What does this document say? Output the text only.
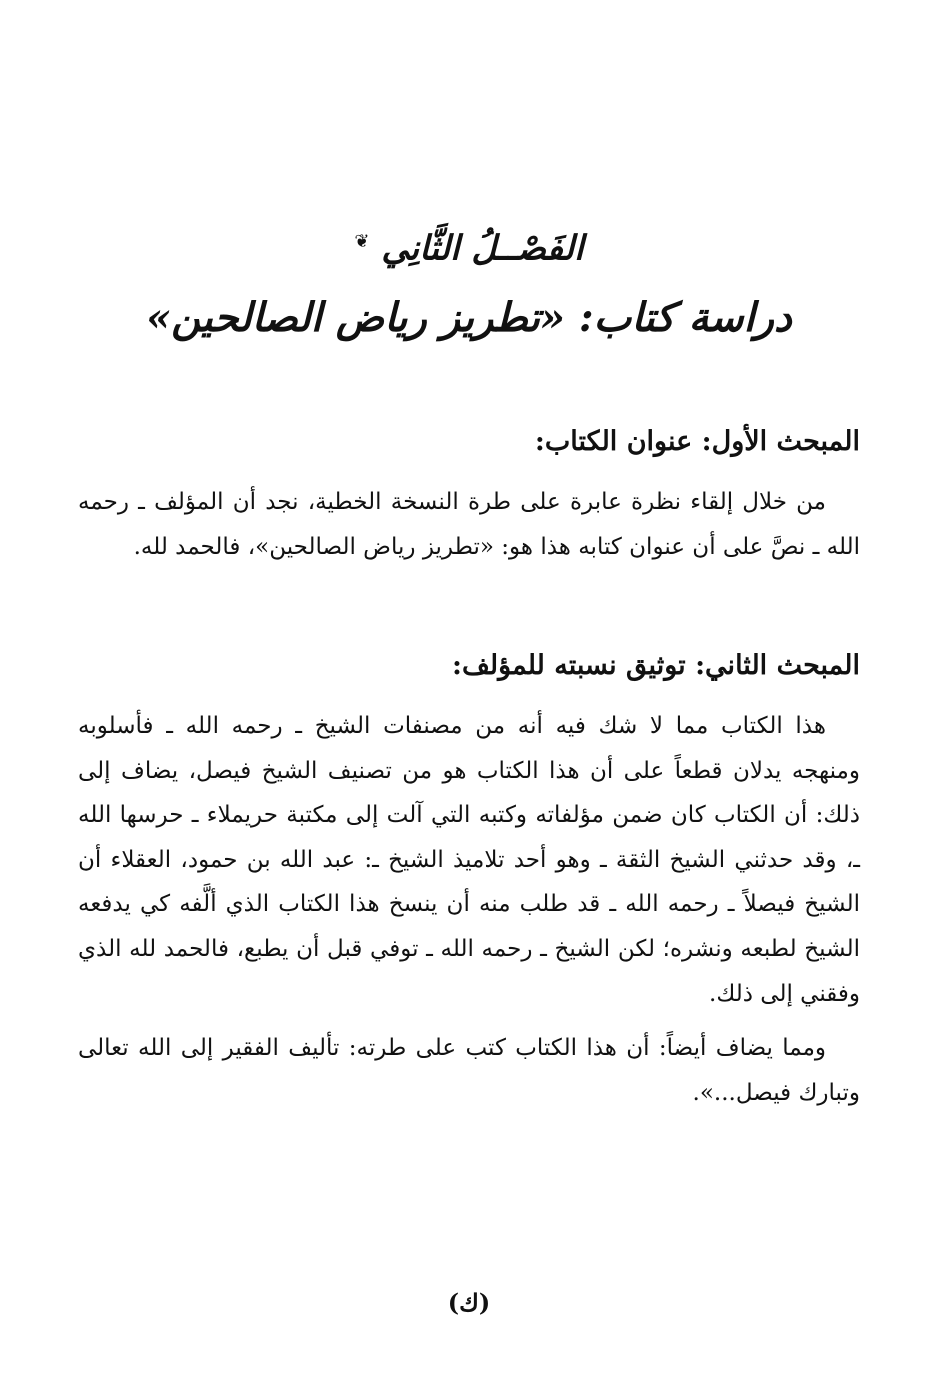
الفَصْــلُ الثَّانِي ❦
دراسة كتاب: «تطريز رياض الصالحين»
المبحث الأول: عنوان الكتاب:

من خلال إلقاء نظرة عابرة على طرة النسخة الخطية، نجد أن المؤلف ـ رحمه الله ـ نصَّ على أن عنوان كتابه هذا هو: «تطريز رياض الصالحين»، فالحمد لله.

المبحث الثاني: توثيق نسبته للمؤلف:

هذا الكتاب مما لا شك فيه أنه من مصنفات الشيخ ـ رحمه الله ـ فأسلوبه ومنهجه يدلان قطعاً على أن هذا الكتاب هو من تصنيف الشيخ فيصل، يضاف إلى ذلك: أن الكتاب كان ضمن مؤلفاته وكتبه التي آلت إلى مكتبة حريملاء ـ حرسها الله ـ، وقد حدثني الشيخ الثقة ـ وهو أحد تلاميذ الشيخ ـ: عبد الله بن حمود، العقلاء أن الشيخ فيصلاً ـ رحمه الله ـ قد طلب منه أن ينسخ هذا الكتاب الذي ألَّفه كي يدفعه الشيخ لطبعه ونشره؛ لكن الشيخ ـ رحمه الله ـ توفي قبل أن يطبع، فالحمد لله الذي وفقني إلى ذلك.

ومما يضاف أيضاً: أن هذا الكتاب كتب على طرته: تأليف الفقير إلى الله تعالى وتبارك فيصل...».

(ك)
